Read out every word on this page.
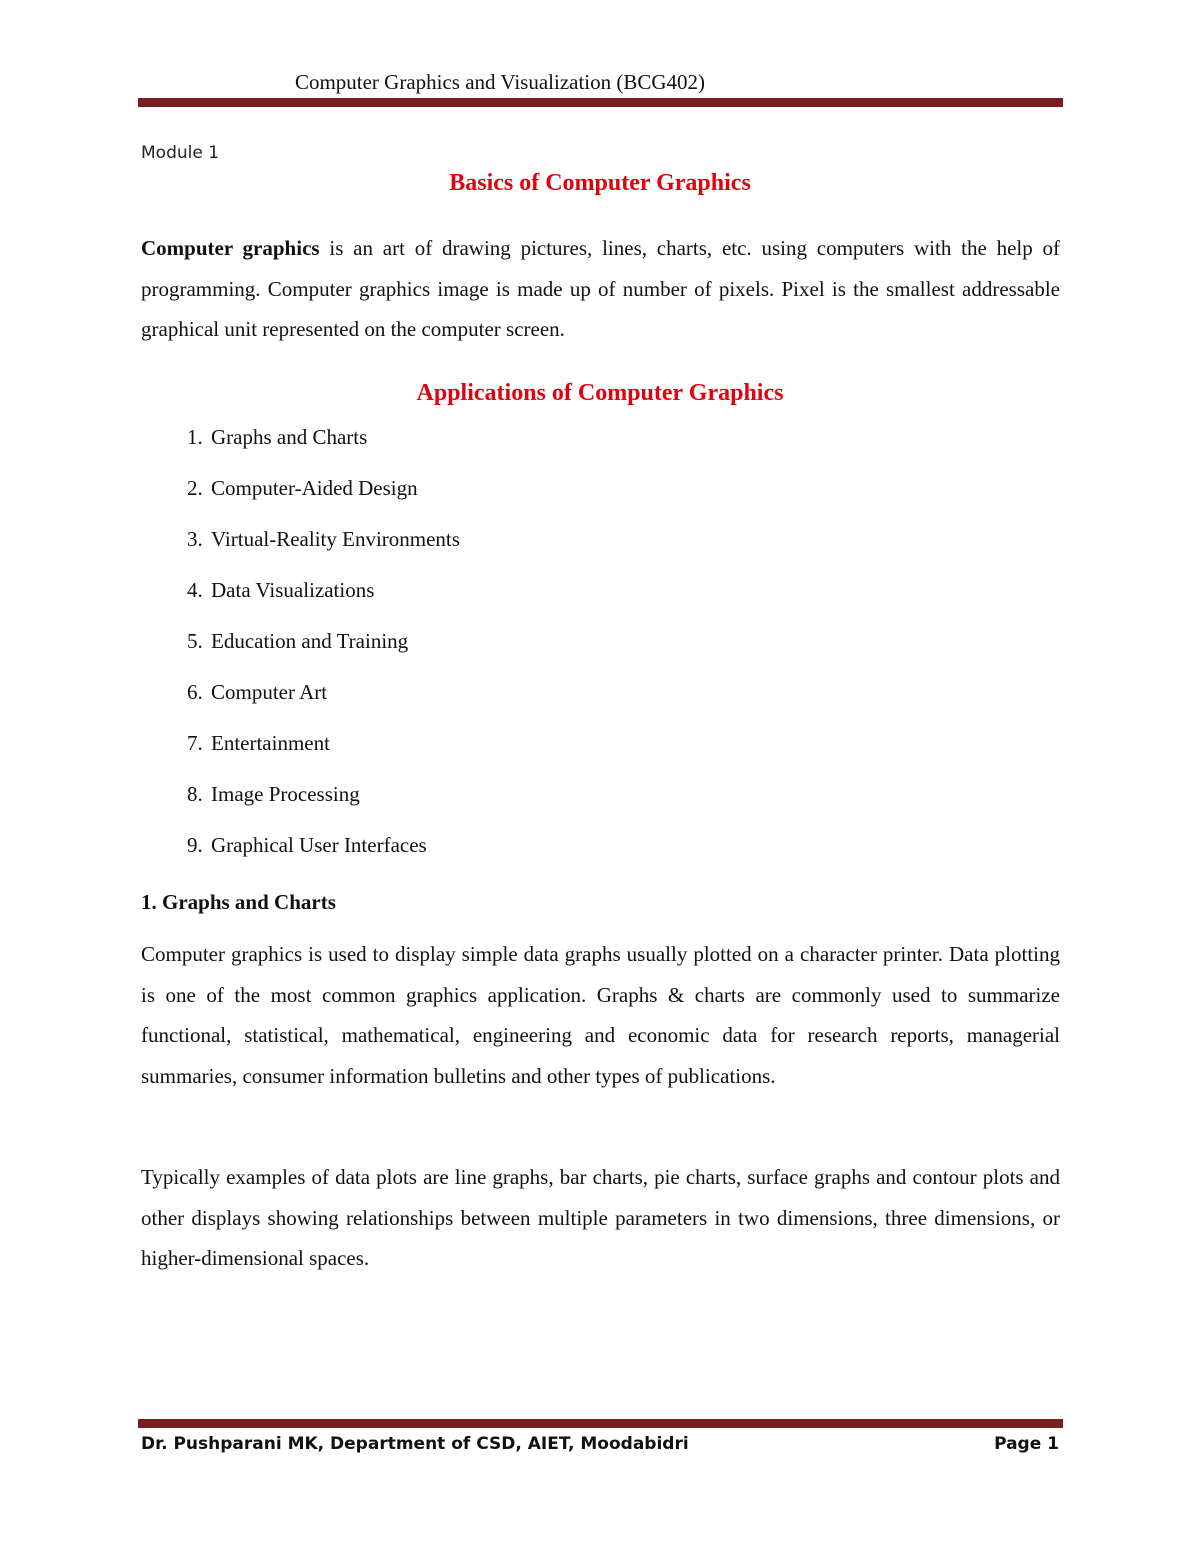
Computer Graphics and Visualization (BCG402)
Module 1
Basics of Computer Graphics

Computer graphics is an art of drawing pictures, lines, charts, etc. using computers with the help of programming. Computer graphics image is made up of number of pixels. Pixel is the smallest addressable graphical unit represented on the computer screen.

Applications of Computer Graphics
1. Graphs and Charts
2. Computer-Aided Design
3. Virtual-Reality Environments
4. Data Visualizations
5. Education and Training
6. Computer Art
7. Entertainment
8. Image Processing
9. Graphical User Interfaces
1. Graphs and Charts

Computer graphics is used to display simple data graphs usually plotted on a character printer. Data plotting is one of the most common graphics application. Graphs & charts are commonly used to summarize functional, statistical, mathematical, engineering and economic data for research reports, managerial summaries, consumer information bulletins and other types of publications.

Typically examples of data plots are line graphs, bar charts, pie charts, surface graphs and contour plots and other displays showing relationships between multiple parameters in two dimensions, three dimensions, or higher-dimensional spaces.

Dr. Pushparani MK, Department of CSD, AIET, Moodabidri	Page 1
